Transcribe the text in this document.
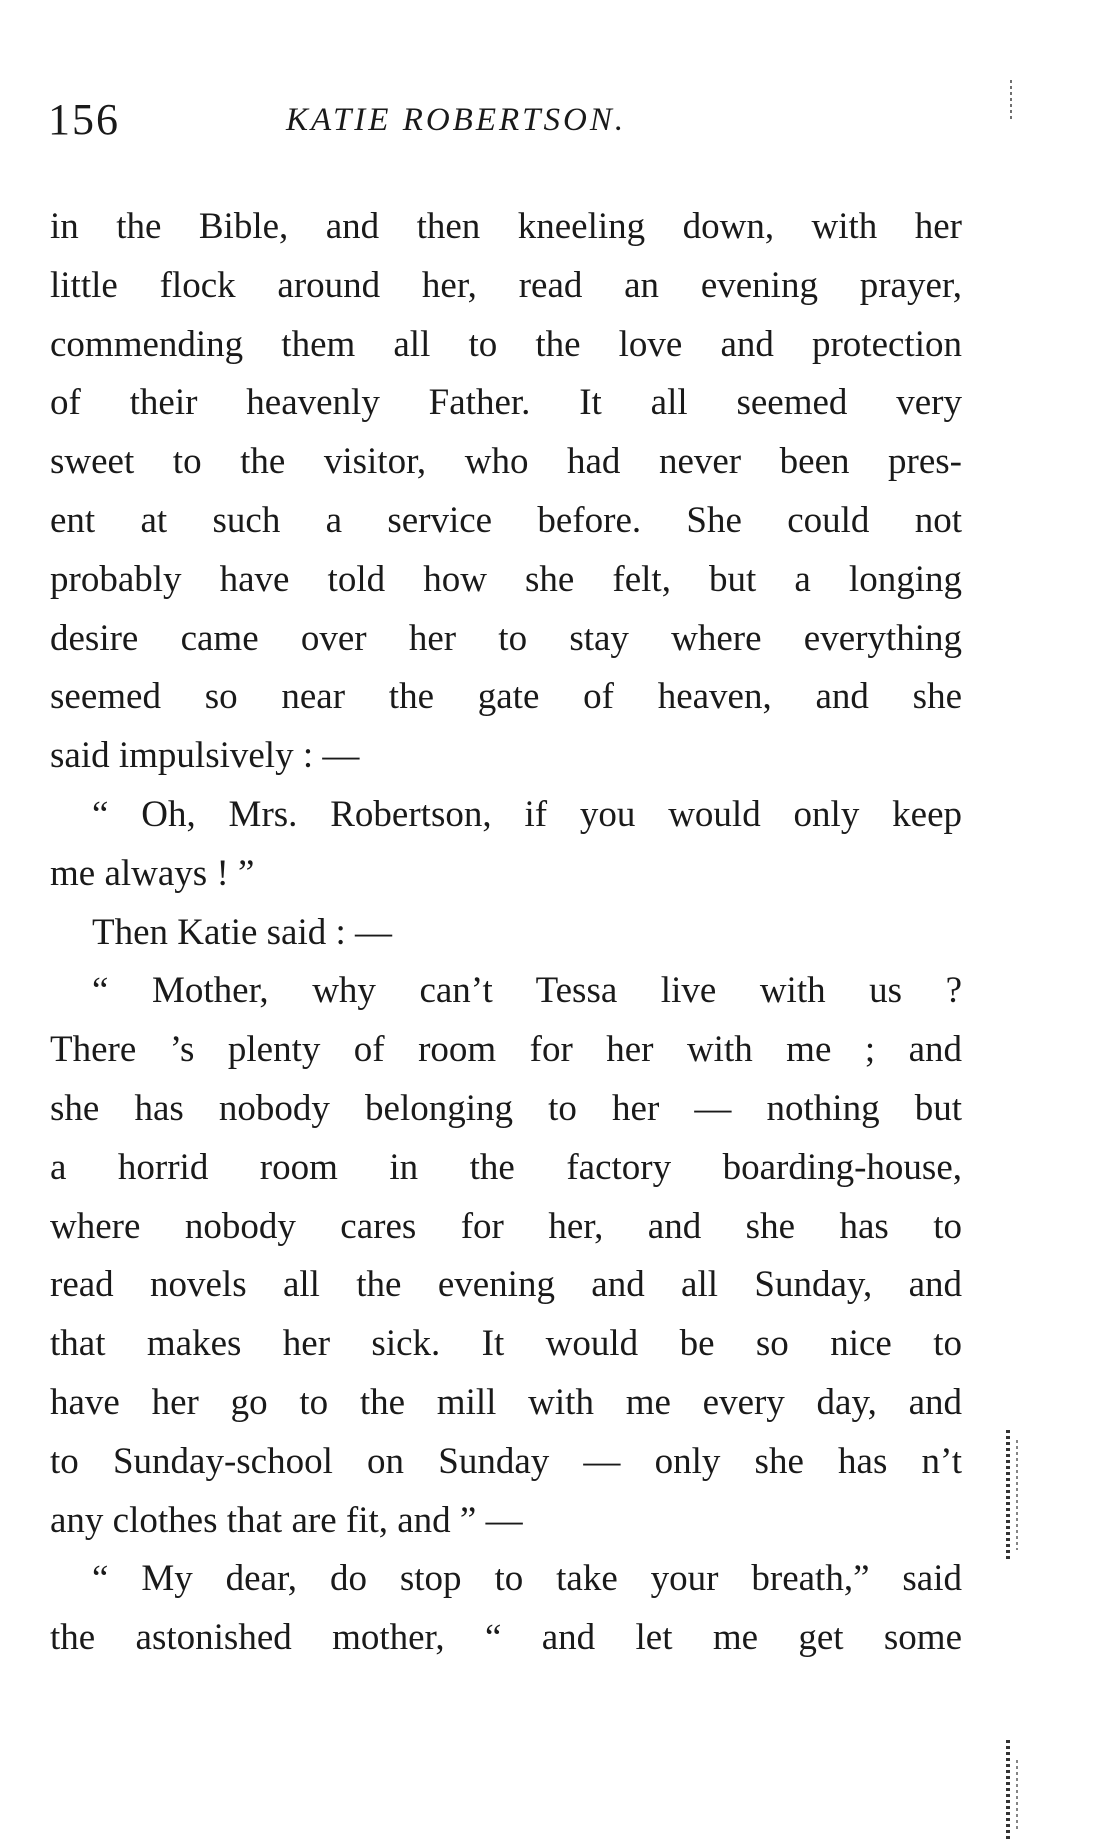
156	KATIE ROBERTSON.
in the Bible, and then kneeling down, with her
little flock around her, read an evening prayer,
commending them all to the love and protection
of their heavenly Father. It all seemed very
sweet to the visitor, who had never been pres-
ent at such a service before. She could not
probably have told how she felt, but a longing
desire came over her to stay where everything
seemed so near the gate of heaven, and she
said impulsively : —
“ Oh, Mrs. Robertson, if you would only keep
me always ! ”
Then Katie said : —
“ Mother, why can’t Tessa live with us ?
There ’s plenty of room for her with me ; and
she has nobody belonging to her — nothing but
a horrid room in the factory boarding-house,
where nobody cares for her, and she has to
read novels all the evening and all Sunday, and
that makes her sick. It would be so nice to
have her go to the mill with me every day, and
to Sunday-school on Sunday — only she has n’t
any clothes that are fit, and ” —
“ My dear, do stop to take your breath,” said
the astonished mother, “ and let me get some
